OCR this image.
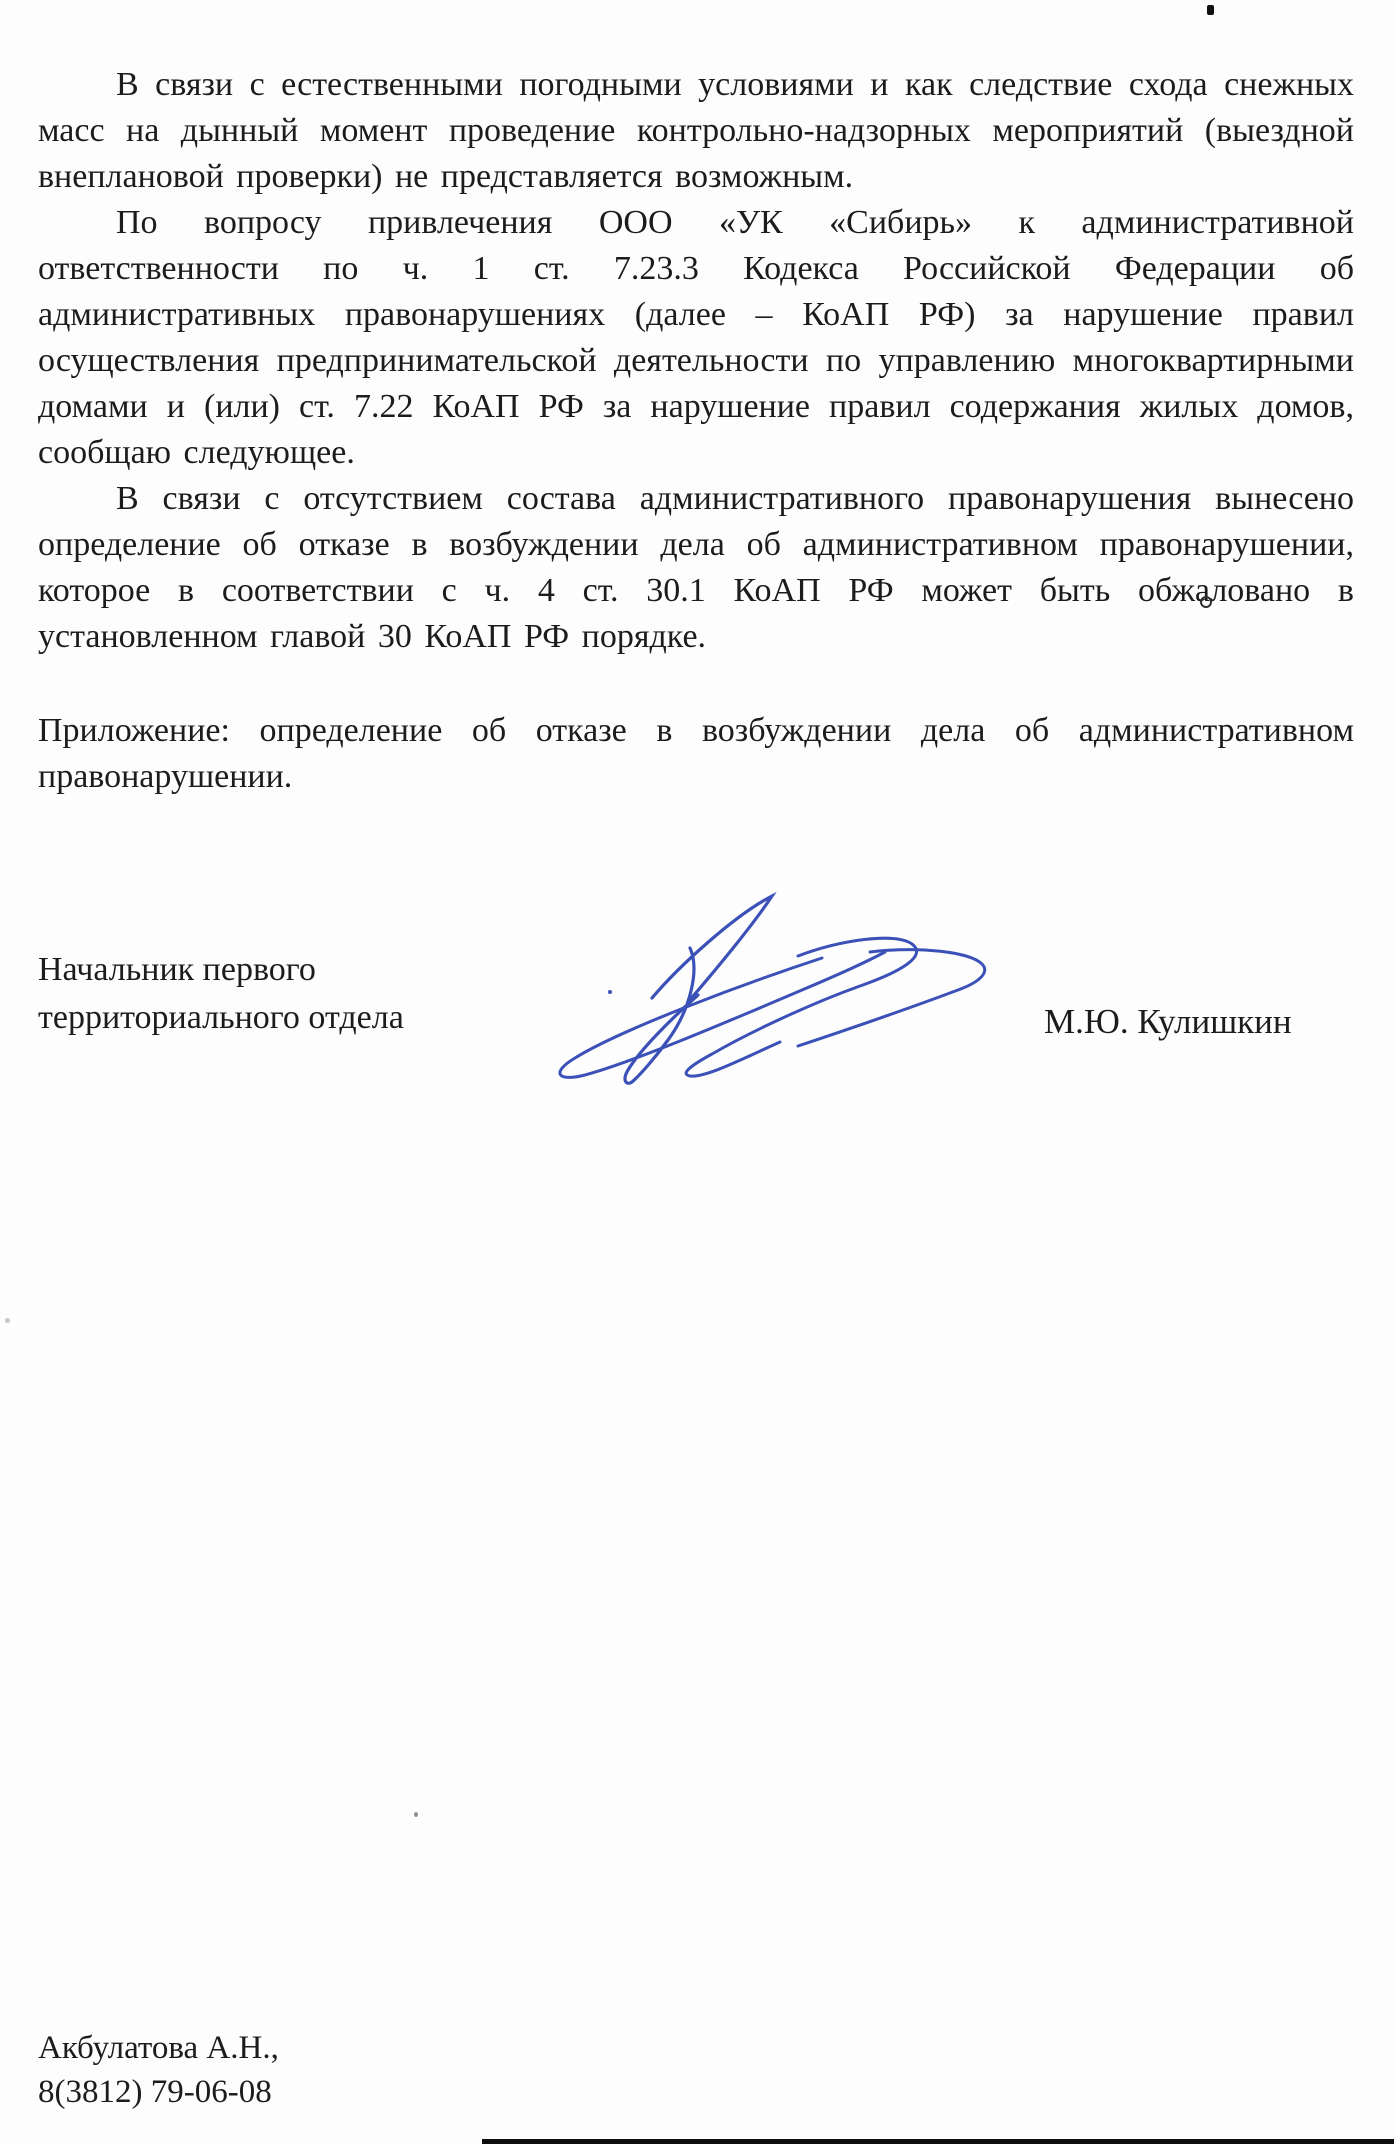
В связи с естественными погодными условиями и как следствие схода снежных масс на дынный момент проведение контрольно-надзорных мероприятий (выездной внеплановой проверки) не представляется возможным.

По вопросу привлечения ООО «УК «Сибирь» к административной ответственности по ч. 1 ст. 7.23.3 Кодекса Российской Федерации об административных правонарушениях (далее – КоАП РФ) за нарушение правил осуществления предпринимательской деятельности по управлению многоквартирными домами и (или) ст. 7.22 КоАП РФ за нарушение правил содержания жилых домов, сообщаю следующее.

В связи с отсутствием состава административного правонарушения вынесено определение об отказе в возбуждении дела об административном правонарушении, которое в соответствии с ч. 4 ст. 30.1 КоАП РФ может быть обжаловано в установленном главой 30 КоАП РФ порядке.

Приложение: определение об отказе в возбуждении дела об административном правонарушении.

Начальник первого
территориального отдела	М.Ю. Кулишкин
Акбулатова А.Н.,
8(3812) 79-06-08
